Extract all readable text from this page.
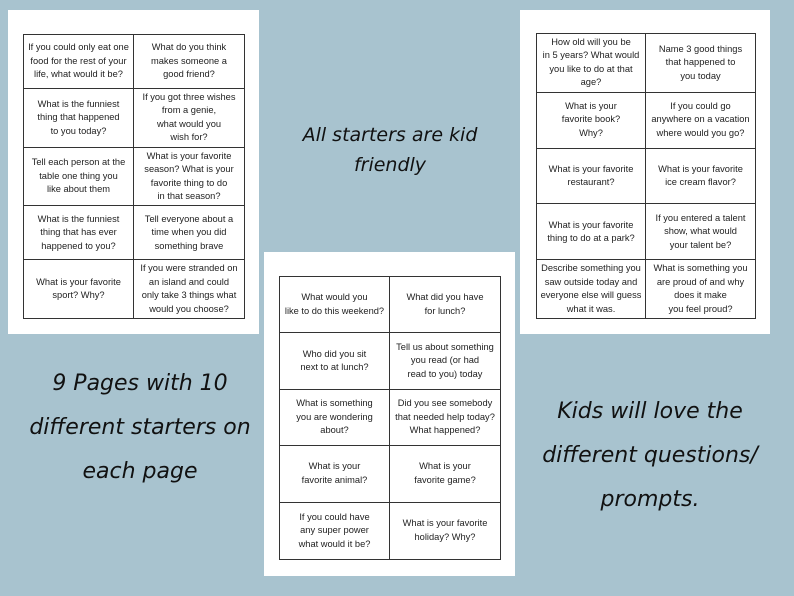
If you could only eat one
food for the rest of your
life, what would it be?
What do you think
makes someone a
good friend?
What is the funniest
thing that happened
to you today?
If you got three wishes
from a genie,
what would you
wish for?
Tell each person at the
table one thing you
like about them
What is your favorite
season? What is your
favorite thing to do
in that season?
What is the funniest
thing that has ever
happened to you?
Tell everyone about a
time when you did
something brave
What is your favorite
sport? Why?
If you were stranded on
an island and could
only take 3 things what
would you choose?
How old will you be
in 5 years? What would
you like to do at that
age?
Name 3 good things
that happened to
you today
What is your
favorite book?
Why?
If you could go
anywhere on a vacation
where would you go?
What is your favorite
restaurant?
What is your favorite
ice cream flavor?
What is your favorite
thing to do at a park?
If you entered a talent
show, what would
your talent be?
Describe something you
saw outside today and
everyone else will guess
what it was.
What is something you
are proud of and why
does it make
you feel proud?
What would you
like to do this weekend?
What did you have
for lunch?
Who did you sit
next to at lunch?
Tell us about something
you read (or had
read to you) today
What is something
you are wondering
about?
Did you see somebody
that needed help today?
What happened?
What is your
favorite animal?
What is your
favorite game?
If you could have
any super power
what would it be?
What is your favorite
holiday? Why?
All starters are kid friendly
9 Pages with 10
different starters on
each page
Kids will love the
different questions/
prompts.
